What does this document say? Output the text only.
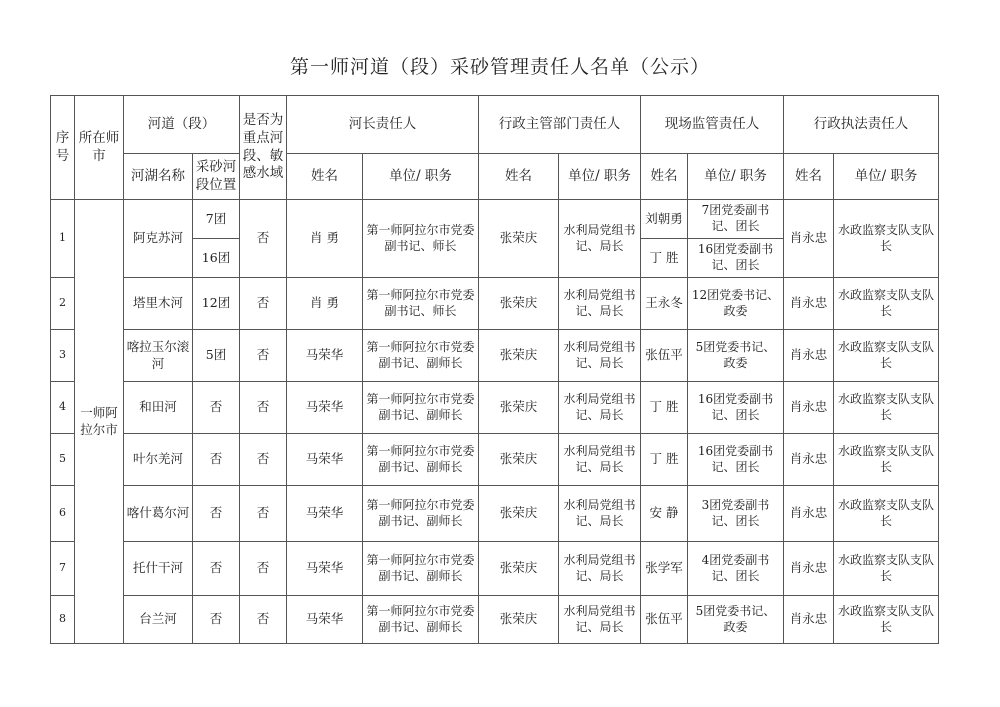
第一师河道（段）采砂管理责任人名单（公示）
序号	所在师市	河道（段）		是否为重点河段、敏感水域	河长责任人		行政主管部门责任人		现场监管责任人		行政执法责任人	
		河湖名称	采砂河段位置		姓名	单位/ 职务	姓名	单位/ 职务	姓名	单位/ 职务	姓名	单位/ 职务
1	一师阿拉尔市	阿克苏河	7团	否	肖 勇	第一师阿拉尔市党委副书记、师长	张荣庆	水利局党组书记、局长	刘朝勇	7团党委副书记、团长	肖永忠	水政监察支队支队长
			16团						丁 胜	16团党委副书记、团长		
2		塔里木河	12团	否	肖 勇	第一师阿拉尔市党委副书记、师长	张荣庆	水利局党组书记、局长	王永冬	12团党委书记、政委	肖永忠	水政监察支队支队长
3		喀拉玉尔滚河	5团	否	马荣华	第一师阿拉尔市党委副书记、副师长	张荣庆	水利局党组书记、局长	张伍平	5团党委书记、政委	肖永忠	水政监察支队支队长
4		和田河	否	否	马荣华	第一师阿拉尔市党委副书记、副师长	张荣庆	水利局党组书记、局长	丁 胜	16团党委副书记、团长	肖永忠	水政监察支队支队长
5		叶尔羌河	否	否	马荣华	第一师阿拉尔市党委副书记、副师长	张荣庆	水利局党组书记、局长	丁 胜	16团党委副书记、团长	肖永忠	水政监察支队支队长
6		喀什葛尔河	否	否	马荣华	第一师阿拉尔市党委副书记、副师长	张荣庆	水利局党组书记、局长	安 静	3团党委副书记、团长	肖永忠	水政监察支队支队长
7		托什干河	否	否	马荣华	第一师阿拉尔市党委副书记、副师长	张荣庆	水利局党组书记、局长	张学军	4团党委副书记、团长	肖永忠	水政监察支队支队长
8		台兰河	否	否	马荣华	第一师阿拉尔市党委副书记、副师长	张荣庆	水利局党组书记、局长	张伍平	5团党委书记、政委	肖永忠	水政监察支队支队长
